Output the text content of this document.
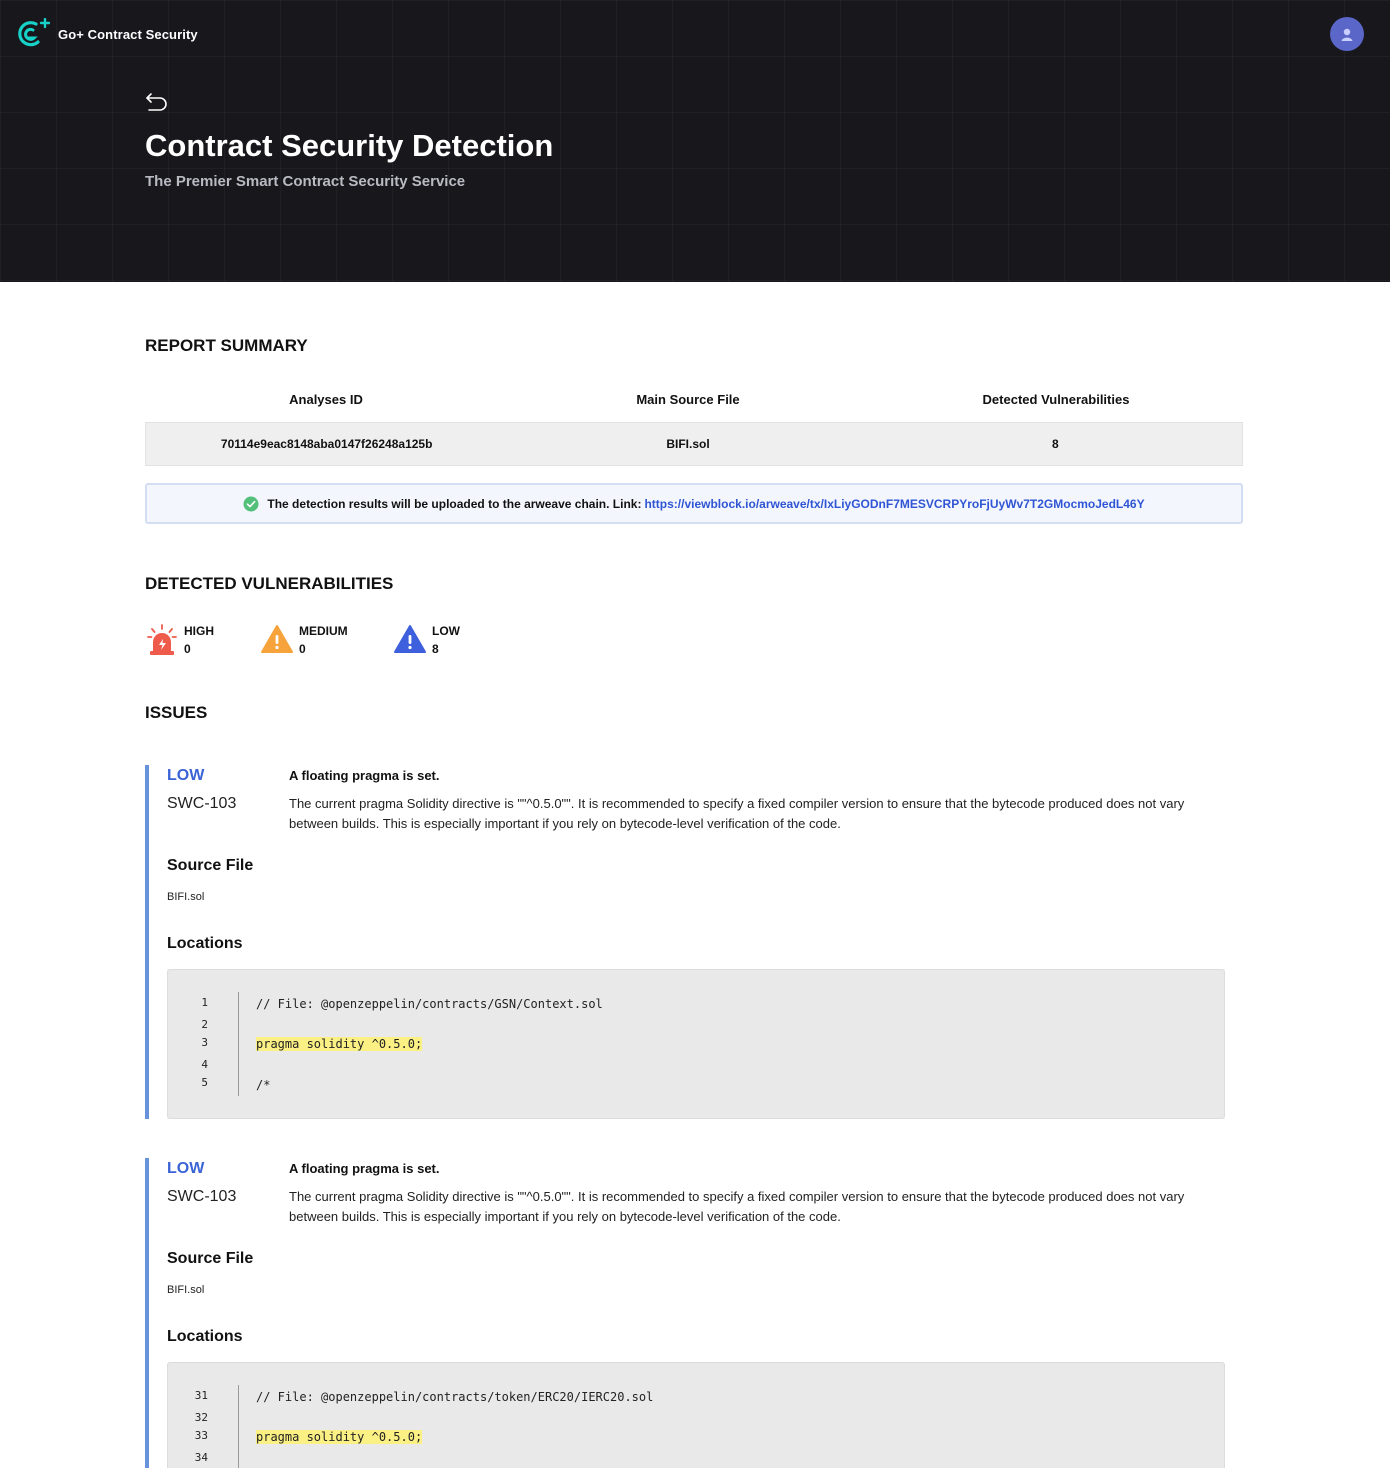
Go+ Contract Security
Contract Security Detection
The Premier Smart Contract Security Service
REPORT SUMMARY
Analyses ID	Main Source File	Detected Vulnerabilities
70114e9eac8148aba0147f26248a125b	BIFI.sol	8
The detection results will be uploaded to the arweave chain. Link: https://viewblock.io/arweave/tx/IxLiyGODnF7MESVCRPYroFjUyWv7T2GMocmoJedL46Y
DETECTED VULNERABILITIES
HIGH
0
MEDIUM
0
LOW
8
ISSUES
LOW
SWC-103
A floating pragma is set.
The current pragma Solidity directive is ""^0.5.0"". It is recommended to specify a fixed compiler version to ensure that the bytecode produced does not vary between builds. This is especially important if you rely on bytecode-level verification of the code.
Source File
BIFI.sol
Locations
1
2
3
4
5
// File: @openzeppelin/contracts/GSN/Context.sol
pragma solidity ^0.5.0;
/*
LOW
SWC-103
A floating pragma is set.
The current pragma Solidity directive is ""^0.5.0"". It is recommended to specify a fixed compiler version to ensure that the bytecode produced does not vary between builds. This is especially important if you rely on bytecode-level verification of the code.
Source File
BIFI.sol
Locations
31
32
33
34
// File: @openzeppelin/contracts/token/ERC20/IERC20.sol
pragma solidity ^0.5.0;
